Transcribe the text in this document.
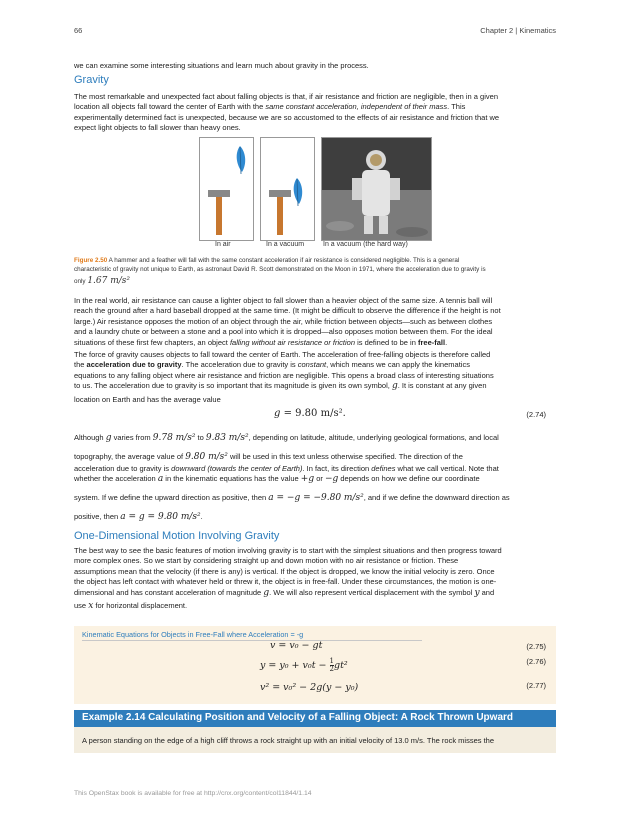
66	Chapter 2 | Kinematics

we can examine some interesting situations and learn much about gravity in the process.

Gravity

The most remarkable and unexpected fact about falling objects is that, if air resistance and friction are negligible, then in a given

location all objects fall toward the center of Earth with the same constant acceleration, independent of their mass. This

experimentally determined fact is unexpected, because we are so accustomed to the effects of air resistance and friction that we

expect light objects to fall slower than heavy ones.

In air	In a vacuum	In a vacuum (the hard way)
Figure 2.50 A hammer and a feather will fall with the same constant acceleration if air resistance is considered negligible. This is a general
characteristic of gravity not unique to Earth, as astronaut David R. Scott demonstrated on the Moon in 1971, where the acceleration due to gravity is
only 1.67 m/s²

In the real world, air resistance can cause a lighter object to fall slower than a heavier object of the same size. A tennis ball will

reach the ground after a hard baseball dropped at the same time. (It might be difficult to observe the difference if the height is not

large.) Air resistance opposes the motion of an object through the air, while friction between objects—such as between clothes

and a laundry chute or between a stone and a pool into which it is dropped—also opposes motion between them. For the ideal

situations of these first few chapters, an object falling without air resistance or friction is defined to be in free-fall.

The force of gravity causes objects to fall toward the center of Earth. The acceleration of free-falling objects is therefore called

the acceleration due to gravity. The acceleration due to gravity is constant, which means we can apply the kinematics

equations to any falling object where air resistance and friction are negligible. This opens a broad class of interesting situations

to us. The acceleration due to gravity is so important that its magnitude is given its own symbol, g. It is constant at any given

location on Earth and has the average value

g = 9.80 m/s².	(2.74)

Although g varies from 9.78 m/s² to 9.83 m/s², depending on latitude, altitude, underlying geological formations, and local

topography, the average value of 9.80 m/s² will be used in this text unless otherwise specified. The direction of the

acceleration due to gravity is downward (towards the center of Earth). In fact, its direction defines what we call vertical. Note that

whether the acceleration a in the kinematic equations has the value +g or −g depends on how we define our coordinate

system. If we define the upward direction as positive, then a = −g = −9.80 m/s², and if we define the downward direction as

positive, then a = g = 9.80 m/s².

One-Dimensional Motion Involving Gravity

The best way to see the basic features of motion involving gravity is to start with the simplest situations and then progress toward

more complex ones. So we start by considering straight up and down motion with no air resistance or friction. These

assumptions mean that the velocity (if there is any) is vertical. If the object is dropped, we know the initial velocity is zero. Once

the object has left contact with whatever held or threw it, the object is in free-fall. Under these circumstances, the motion is one-

dimensional and has constant acceleration of magnitude g. We will also represent vertical displacement with the symbol y and

use x for horizontal displacement.

Kinematic Equations for Objects in Free-Fall where Acceleration = -g
v = v₀ − gt	(2.75)
$y = y_0 + v_0t - \frac{1}{2} gt^2$	(2.76)
v² = v₀² − 2g(y − y₀)	(2.77)
Example 2.14 Calculating Position and Velocity of a Falling Object: A Rock Thrown Upward
A person standing on the edge of a high cliff throws a rock straight up with an initial velocity of 13.0 m/s. The rock misses the
This OpenStax book is available for free at http://cnx.org/content/col11844/1.14
